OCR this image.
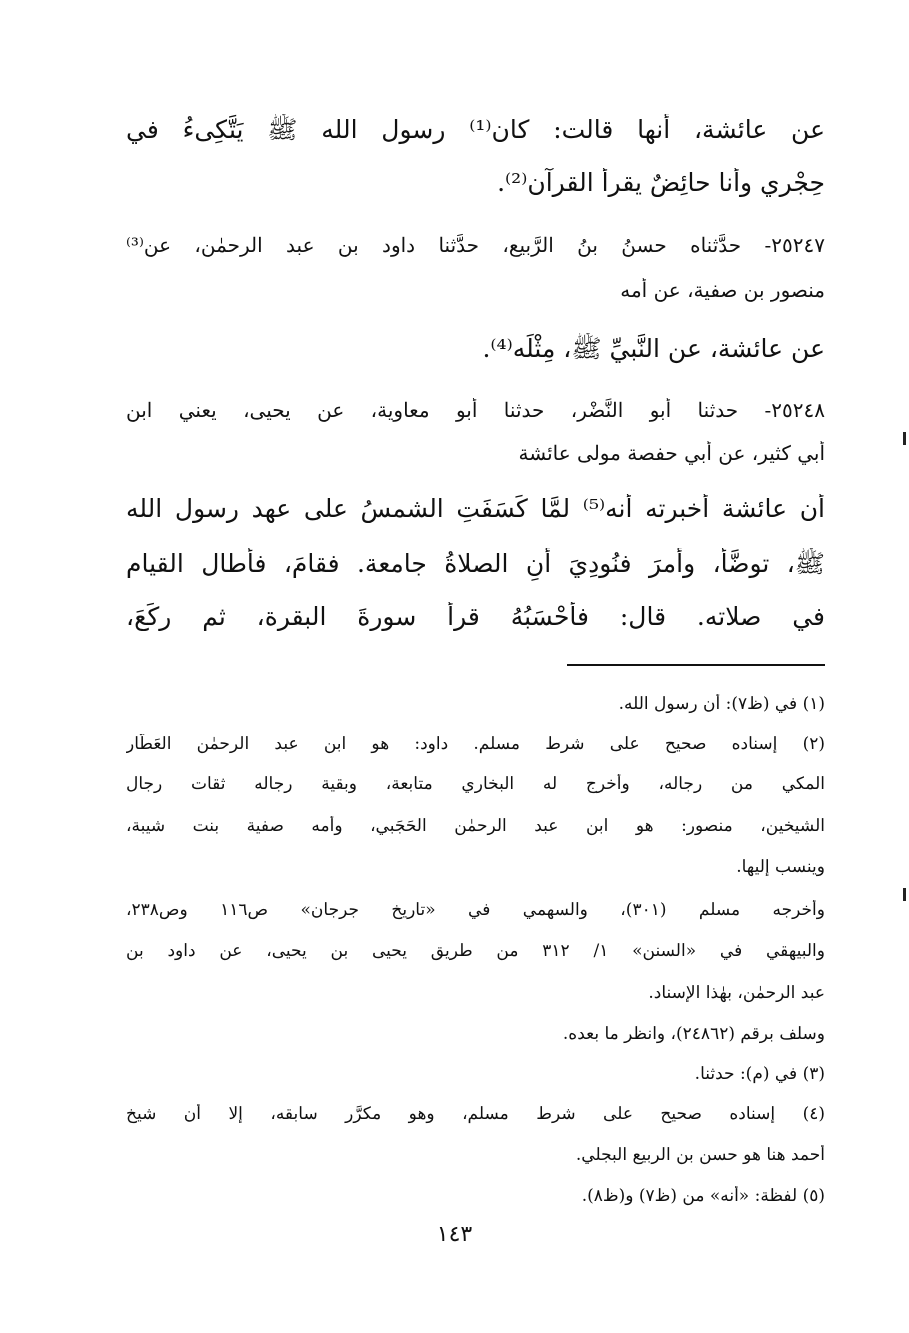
عن عائشة، أنها قالت: كان⁽¹⁾ رسول الله ﷺ يَتَّكِىءُ في
حِجْري وأنا حائِضٌ يقرأُ القرآن⁽²⁾.
٢٥٢٤٧- حدَّثناه حسنُ بنُ الرَّبيع، حدَّثنا داود بن عبد الرحمٰن، عن⁽³⁾
منصور بن صفية، عن أمه
عن عائشة، عن النَّبيِّ ﷺ، مِثْلَه⁽⁴⁾.
٢٥٢٤٨- حدثنا أبو النَّضْر، حدثنا أبو معاوية، عن يحيى، يعني ابن
أبي كثير، عن أبي حفصة مولى عائشة
أن عائشة أخبرته أنه⁽⁵⁾ لمَّا كَسَفَتِ الشمسُ على عهد رسولِ الله
ﷺ، توضَّأَ، وأمرَ فنُودِيَ أنِ الصلاةُ جامعة. فقامَ، فأطال القيام
في صلاته. قال: فأَحْسَبُهُ قرأ سورةَ البقرة، ثم ركَعَ،
(١) في (ظ٧): أن رسول الله.
(٢) إسناده صحيح على شرط مسلم. داود: هو ابن عبد الرحمٰن العَطَّار
المكي من رجاله، وأخرج له البخاري متابعة، وبقية رجاله ثقات رجال
الشيخين، منصور: هو ابن عبد الرحمٰن الحَجَبي، وأُمه صفية بنت شيبة،
وينسب إليها.
وأخرجه مسلم (٣٠١)، والسهمي في «تاريخ جرجان» ص١١٦ وص٢٣٨،
والبيهقي في «السنن» ١/ ٣١٢ من طريق يحيى بن يحيى، عن داود بن
عبد الرحمٰن، بهٰذا الإسناد.
وسلف برقم (٢٤٨٦٢)، وانظر ما بعده.
(٣) في (م): حدثنا.
(٤) إسناده صحيح على شرط مسلم، وهو مكرَّر سابقه، إلا أن شيخ
أحمد هنا هو حسن بن الربيع البجلي.
(٥) لفظة: «أنه» من (ظ٧) و(ظ٨).
١٤٣
